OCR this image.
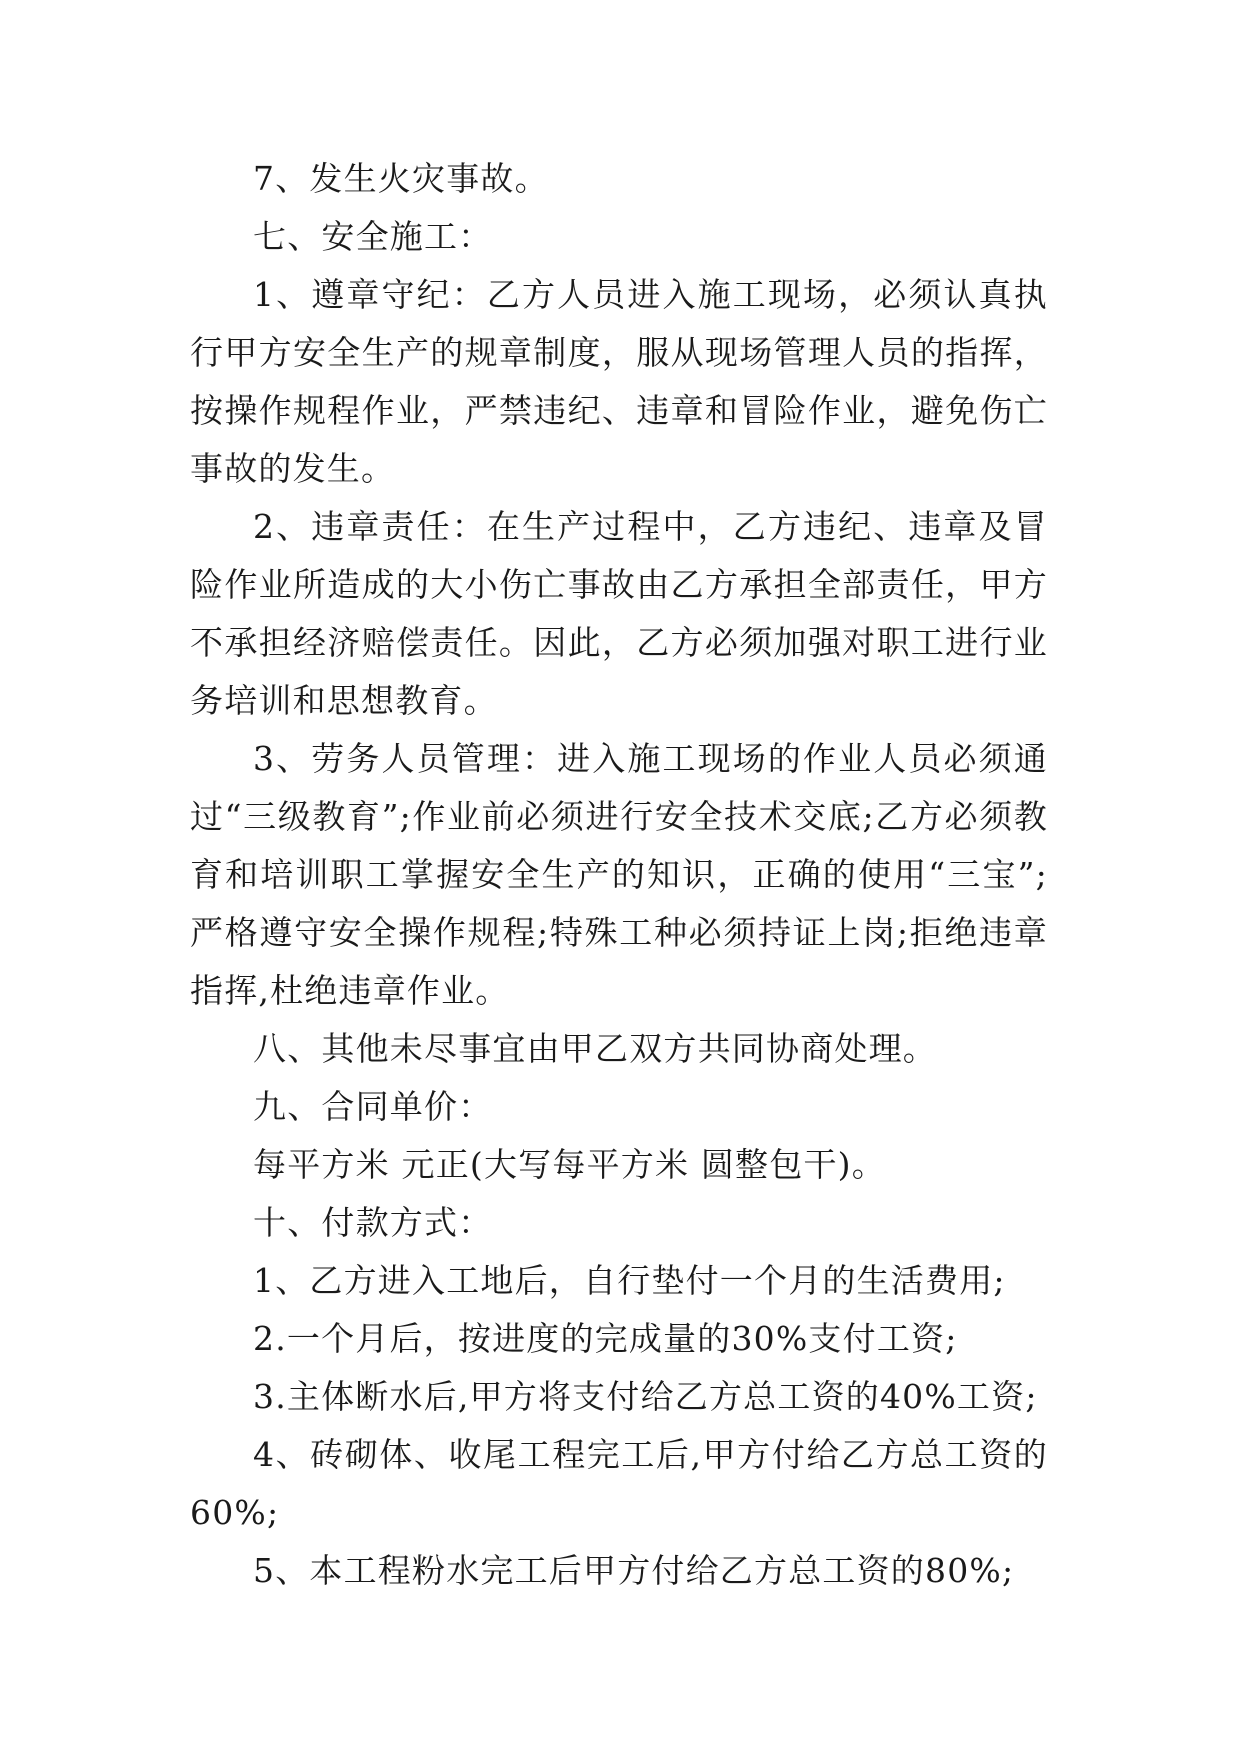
7、发生火灾事故。

七、安全施工：

1、遵章守纪：乙方人员进入施工现场，必须认真执行甲方安全生产的规章制度，服从现场管理人员的指挥，按操作规程作业，严禁违纪、违章和冒险作业，避免伤亡事故的发生。

2、违章责任：在生产过程中，乙方违纪、违章及冒险作业所造成的大小伤亡事故由乙方承担全部责任，甲方不承担经济赔偿责任。因此，乙方必须加强对职工进行业务培训和思想教育。

3、劳务人员管理：进入施工现场的作业人员必须通过“三级教育”;作业前必须进行安全技术交底;乙方必须教育和培训职工掌握安全生产的知识，正确的使用“三宝”;严格遵守安全操作规程;特殊工种必须持证上岗;拒绝违章指挥,杜绝违章作业。

八、其他未尽事宜由甲乙双方共同协商处理。

九、合同单价：

每平方米 元正(大写每平方米 圆整包干)。

十、付款方式：

1、乙方进入工地后，自行垫付一个月的生活费用;

2.一个月后，按进度的完成量的30%支付工资;

3.主体断水后,甲方将支付给乙方总工资的40%工资;

4、砖砌体、收尾工程完工后,甲方付给乙方总工资的60%;

5、本工程粉水完工后甲方付给乙方总工资的80%;
